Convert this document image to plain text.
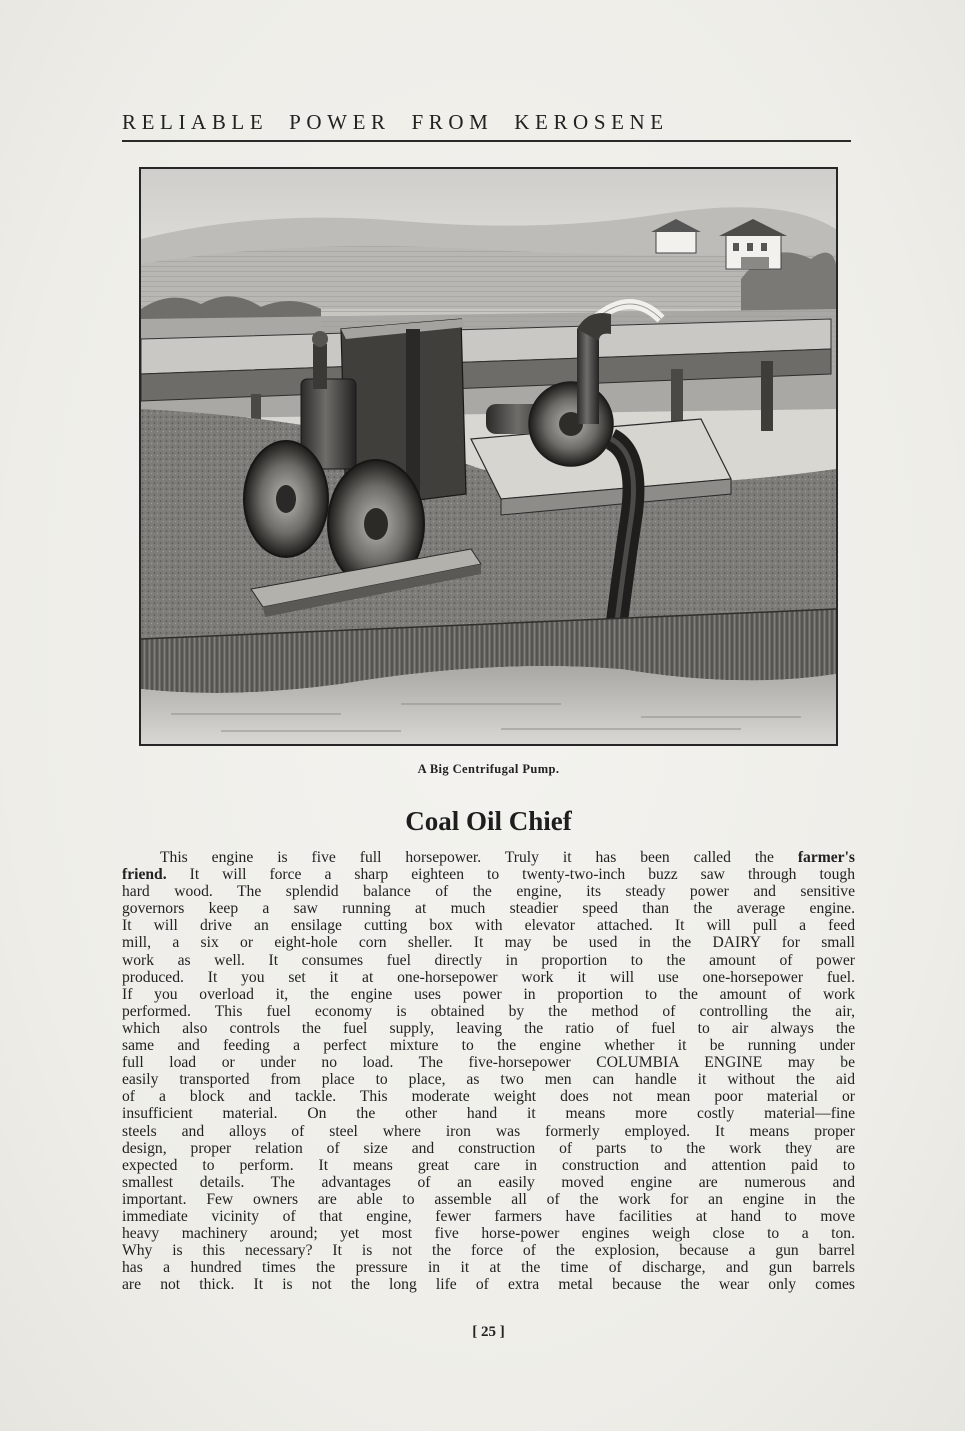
RELIABLE POWER FROM KEROSENE
A Big Centrifugal Pump.
Coal Oil Chief
This engine is five full horsepower. Truly it has been called the farmer's
friend. It will force a sharp eighteen to twenty-two-inch buzz saw through tough
hard wood. The splendid balance of the engine, its steady power and sensitive
governors keep a saw running at much steadier speed than the average engine.
It will drive an ensilage cutting box with elevator attached. It will pull a feed
mill, a six or eight-hole corn sheller. It may be used in the DAIRY for small
work as well. It consumes fuel directly in proportion to the amount of power
produced. It you set it at one-horsepower work it will use one-horsepower fuel.
If you overload it, the engine uses power in proportion to the amount of work
performed. This fuel economy is obtained by the method of controlling the air,
which also controls the fuel supply, leaving the ratio of fuel to air always the
same and feeding a perfect mixture to the engine whether it be running under
full load or under no load. The five-horsepower COLUMBIA ENGINE may be
easily transported from place to place, as two men can handle it without the aid
of a block and tackle. This moderate weight does not mean poor material or
insufficient material. On the other hand it means more costly material—fine
steels and alloys of steel where iron was formerly employed. It means proper
design, proper relation of size and construction of parts to the work they are
expected to perform. It means great care in construction and attention paid to
smallest details. The advantages of an easily moved engine are numerous and
important. Few owners are able to assemble all of the work for an engine in the
immediate vicinity of that engine, fewer farmers have facilities at hand to move
heavy machinery around; yet most five horse-power engines weigh close to a ton.
Why is this necessary? It is not the force of the explosion, because a gun barrel
has a hundred times the pressure in it at the time of discharge, and gun barrels
are not thick. It is not the long life of extra metal because the wear only comes
[ 25 ]
